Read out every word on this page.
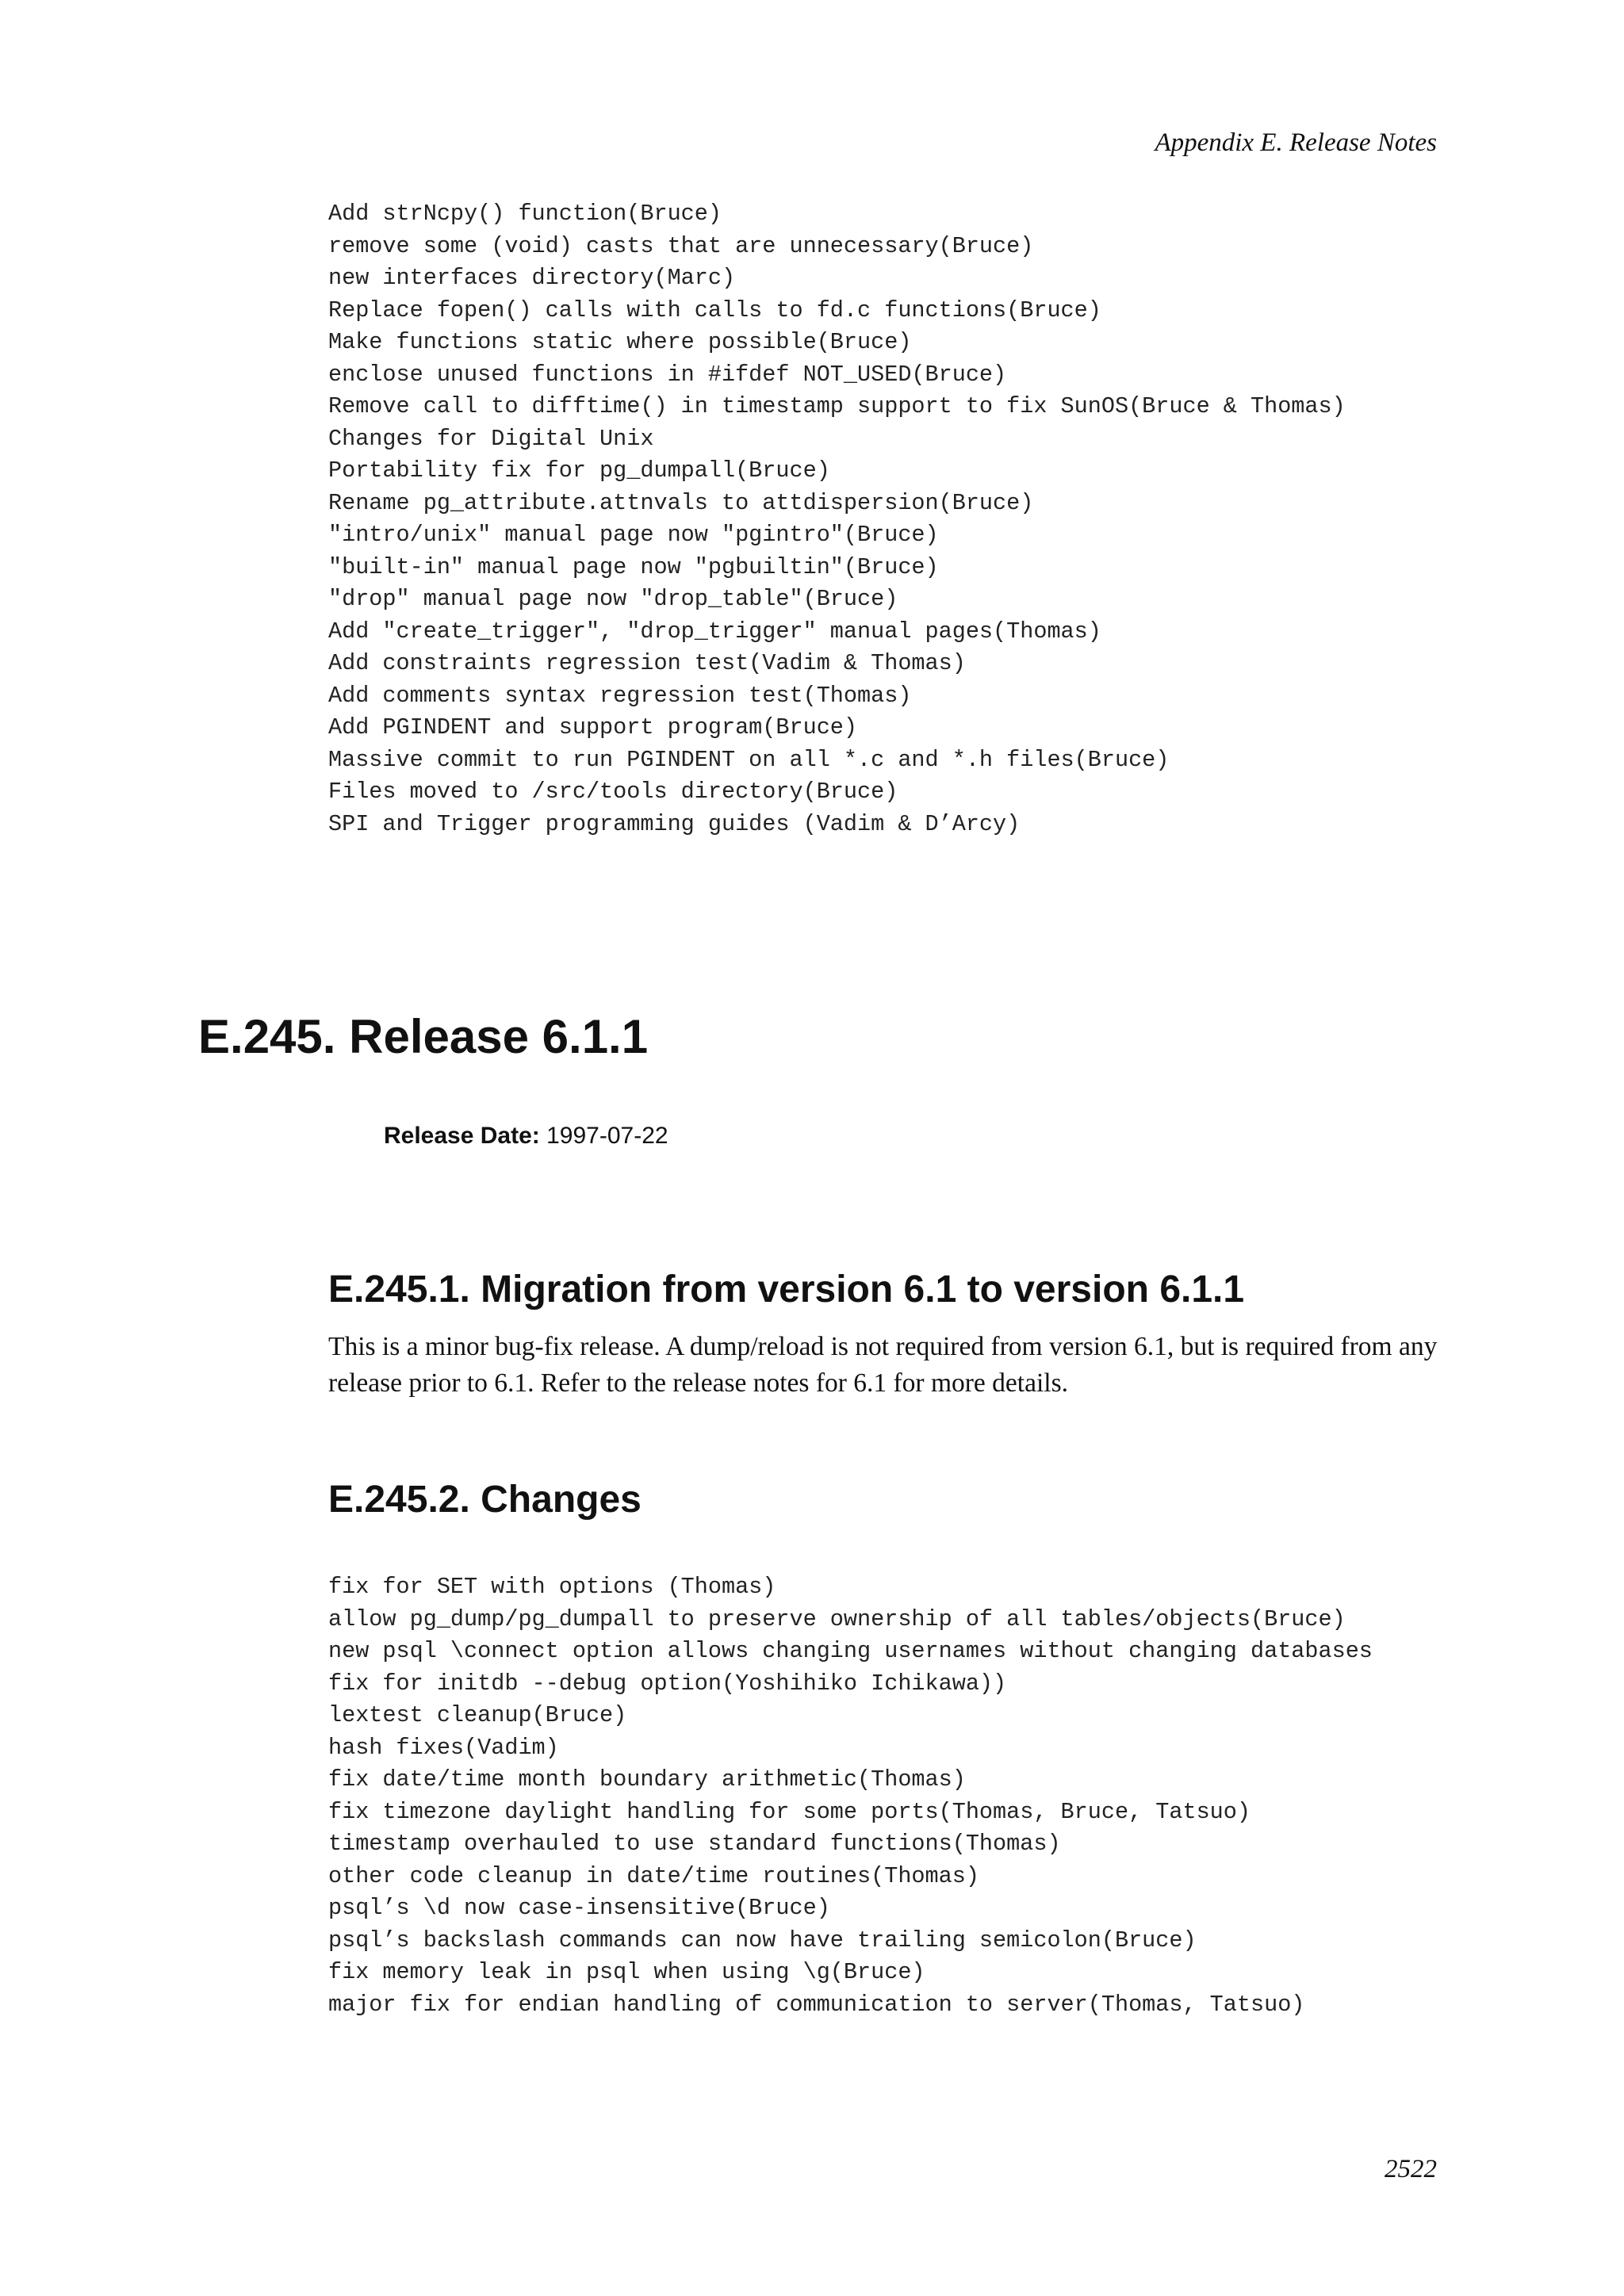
Appendix E. Release Notes

Add strNcpy() function(Bruce)
remove some (void) casts that are unnecessary(Bruce)
new interfaces directory(Marc)
Replace fopen() calls with calls to fd.c functions(Bruce)
Make functions static where possible(Bruce)
enclose unused functions in #ifdef NOT_USED(Bruce)
Remove call to difftime() in timestamp support to fix SunOS(Bruce & Thomas)
Changes for Digital Unix
Portability fix for pg_dumpall(Bruce)
Rename pg_attribute.attnvals to attdispersion(Bruce)
"intro/unix" manual page now "pgintro"(Bruce)
"built-in" manual page now "pgbuiltin"(Bruce)
"drop" manual page now "drop_table"(Bruce)
Add "create_trigger", "drop_trigger" manual pages(Thomas)
Add constraints regression test(Vadim & Thomas)
Add comments syntax regression test(Thomas)
Add PGINDENT and support program(Bruce)
Massive commit to run PGINDENT on all *.c and *.h files(Bruce)
Files moved to /src/tools directory(Bruce)
SPI and Trigger programming guides (Vadim & D’Arcy)
E.245. Release 6.1.1

Release Date: 1997-07-22

E.245.1. Migration from version 6.1 to version 6.1.1

This is a minor bug-fix release. A dump/reload is not required from version 6.1, but is required from any release prior to 6.1. Refer to the release notes for 6.1 for more details.

E.245.2. Changes
fix for SET with options (Thomas)
allow pg_dump/pg_dumpall to preserve ownership of all tables/objects(Bruce)
new psql \connect option allows changing usernames without changing databases
fix for initdb --debug option(Yoshihiko Ichikawa))
lextest cleanup(Bruce)
hash fixes(Vadim)
fix date/time month boundary arithmetic(Thomas)
fix timezone daylight handling for some ports(Thomas, Bruce, Tatsuo)
timestamp overhauled to use standard functions(Thomas)
other code cleanup in date/time routines(Thomas)
psql’s \d now case-insensitive(Bruce)
psql’s backslash commands can now have trailing semicolon(Bruce)
fix memory leak in psql when using \g(Bruce)
major fix for endian handling of communication to server(Thomas, Tatsuo)

2522
